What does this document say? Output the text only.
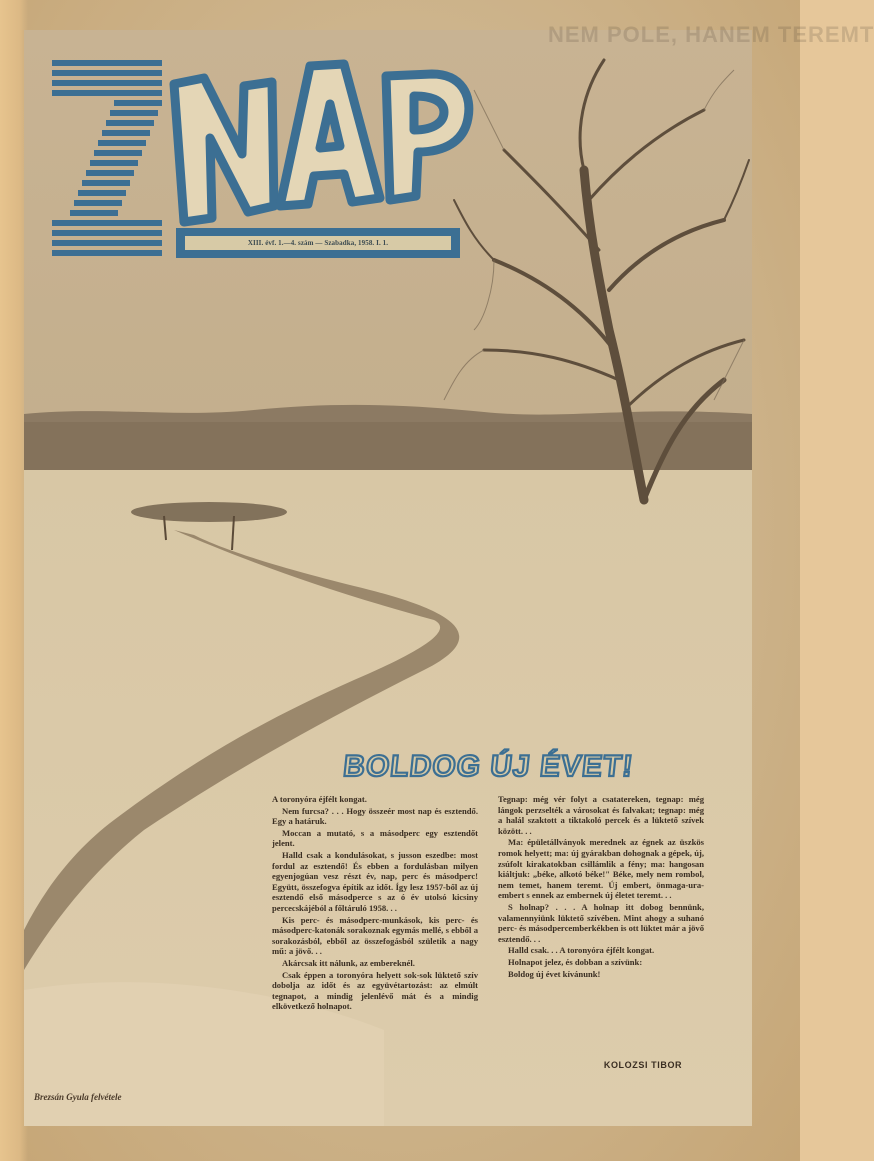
NEM POLE, HANEM TEREMT
XIII. évf. 1.—4. szám — Szabadka, 1958. I. 1.
BOLDOG ÚJ ÉVET!

A toronyóra éjfélt kongat.

Nem furcsa? . . . Hogy összeér most nap és esztendő. Egy a határuk.

Moccan a mutató, s a másodperc egy esztendőt jelent.

Halld csak a kondulásokat, s jusson eszedbe: most fordul az esztendő! És ebben a fordulásban milyen egyenjogúan vesz részt év, nap, perc és másodperc! Együtt, összefogva építik az időt. Így lesz 1957-ből az új esztendő első másodperce s az ó év utolsó kicsiny percecskájéból a főltáruló 1958. . .

Kis perc- és másodperc-munkások, kis perc- és másodperc-katonák sorakoznak egymás mellé, s ebből a sorakozásból, ebből az összefogásból születik a nagy mű: a jövő. . .

Akárcsak itt nálunk, az embereknél.

Csak éppen a toronyóra helyett sok-sok lüktető szív dobolja az időt és az együvétartozást: az elmúlt tegnapot, a mindig jelenlévő mát és a mindig elkövetkező holnapot.

Tegnap: még vér folyt a csatatereken, tegnap: még lángok perzselték a városokat és falvakat; tegnap: még a halál szaktott a tiktakoló percek és a lüktető szívek között. . .

Ma: épületállványok merednek az égnek az üszkös romok helyett; ma: új gyárakban dohognak a gépek, új, zsúfolt kirakatokban csillámlik a fény; ma: hangosan kiáltjuk: „béke, alkotó béke!" Béke, mely nem rombol, nem temet, hanem teremt. Új embert, önmaga-ura-embert s ennek az embernek új életet teremt. . .

S holnap? . . . A holnap itt dobog bennünk, valamennyiünk lüktető szívében. Mint ahogy a suhanó perc- és másodpercemberkékben is ott lüktet már a jövő esztendő. . .

Halld csak. . . A toronyóra éjfélt kongat.

Holnapot jelez, és dobban a szívünk:

Boldog új évet kívánunk!

KOLOZSI TIBOR
Brezsán Gyula felvétele
